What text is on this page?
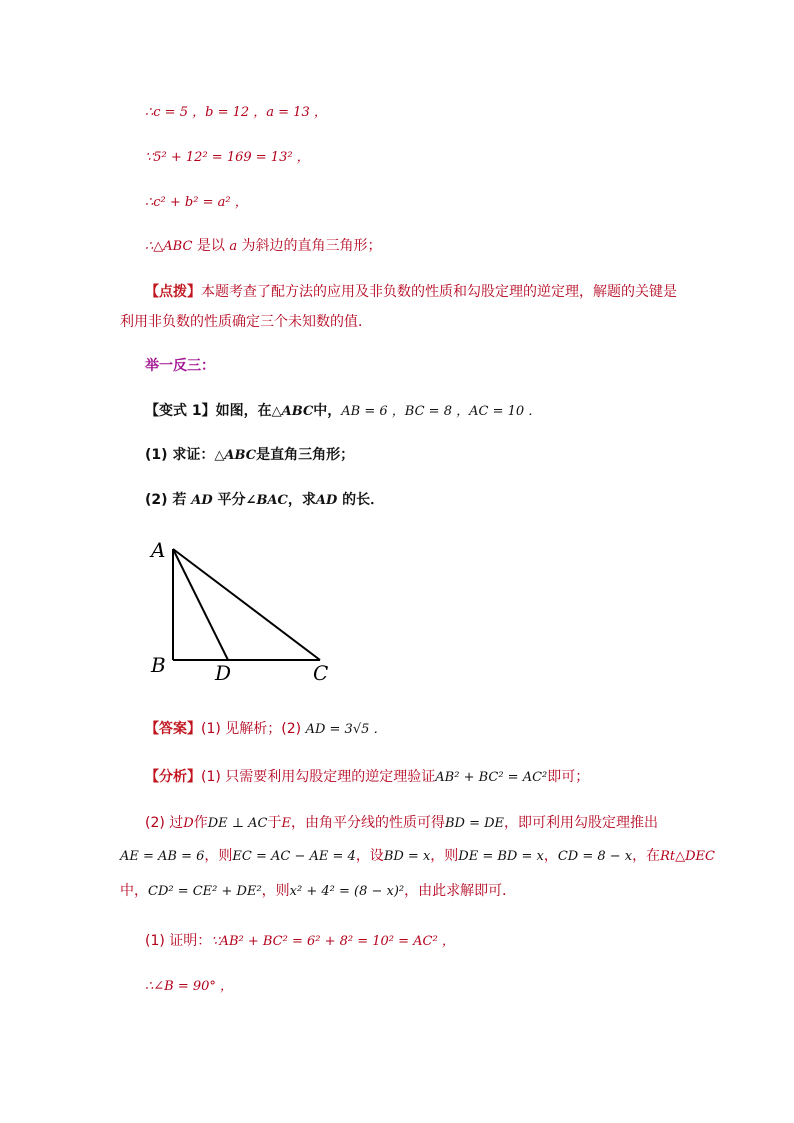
∴c = 5 ，b = 12 ，a = 13 ，
∵5² + 12² = 169 = 13² ，
∴c² + b² = a² ，
∴△ABC 是以 a 为斜边的直角三角形；
【点拨】本题考查了配方法的应用及非负数的性质和勾股定理的逆定理，解题的关键是
利用非负数的性质确定三个未知数的值．
举一反三：
【变式 1】如图，在△ABC中，AB = 6 ，BC = 8 ，AC = 10 ．
(1) 求证：△ABC是直角三角形；
(2) 若 AD 平分∠BAC，求AD 的长．
A
B D	C
【答案】(1) 见解析；(2) AD = 3√5 ．
【分析】(1) 只需要利用勾股定理的逆定理验证AB² + BC² = AC²即可；
(2) 过D作DE ⊥ AC于E，由角平分线的性质可得BD = DE，即可利用勾股定理推出
AE = AB = 6，则EC = AC − AE = 4，设BD = x，则DE = BD = x，CD = 8 − x，在Rt△DEC
中，CD² = CE² + DE²，则x² + 4² = (8 − x)²，由此求解即可．
(1) 证明：∵AB² + BC² = 6² + 8² = 10² = AC² ，
∴∠B = 90° ，
